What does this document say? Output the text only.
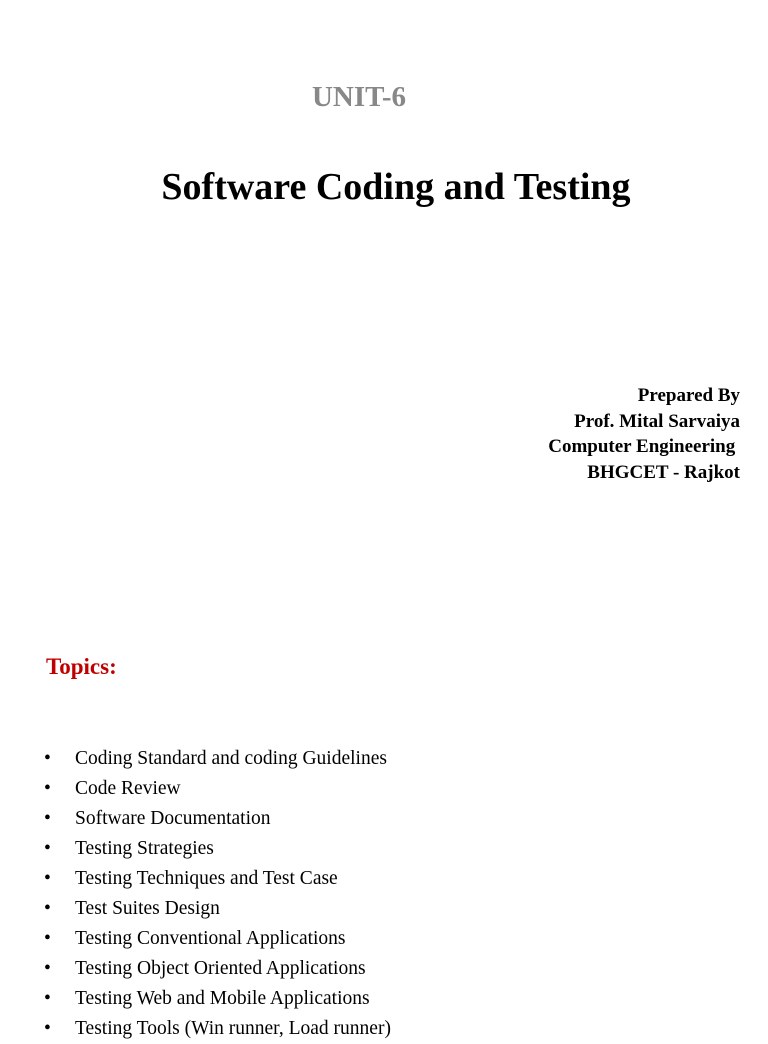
UNIT-6
Software Coding and Testing
Prepared By
Prof. Mital Sarvaiya
Computer Engineering
BHGCET - Rajkot
Topics:
• Coding Standard and coding Guidelines
• Code Review
• Software Documentation
• Testing Strategies
• Testing Techniques and Test Case
• Test Suites Design
• Testing Conventional Applications
• Testing Object Oriented Applications
• Testing Web and Mobile Applications
• Testing Tools (Win runner, Load runner)
